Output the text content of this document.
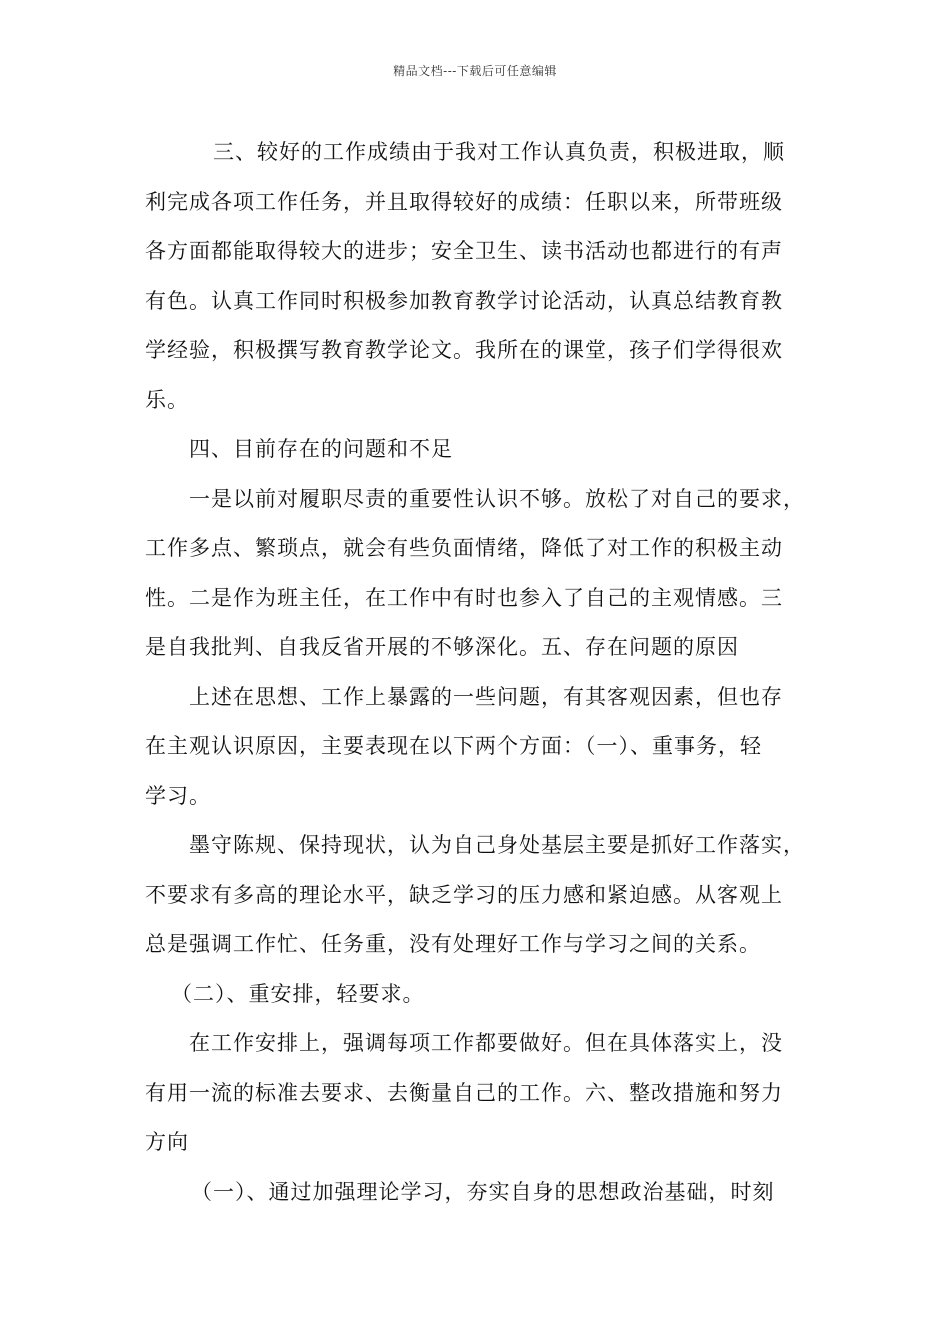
精品文档---下载后可任意编辑
三、较好的工作成绩由于我对工作认真负责，积极进取，顺
利完成各项工作任务，并且取得较好的成绩：任职以来，所带班级
各方面都能取得较大的进步；安全卫生、读书活动也都进行的有声
有色。认真工作同时积极参加教育教学讨论活动，认真总结教育教
学经验，积极撰写教育教学论文。我所在的课堂，孩子们学得很欢
乐。
四、目前存在的问题和不足
一是以前对履职尽责的重要性认识不够。放松了对自己的要求，
工作多点、繁琐点，就会有些负面情绪，降低了对工作的积极主动
性。二是作为班主任，在工作中有时也参入了自己的主观情感。三
是自我批判、自我反省开展的不够深化。五、存在问题的原因
上述在思想、工作上暴露的一些问题，有其客观因素，但也存
在主观认识原因，主要表现在以下两个方面：（一）、重事务，轻
学习。
墨守陈规、保持现状，认为自己身处基层主要是抓好工作落实，
不要求有多高的理论水平，缺乏学习的压力感和紧迫感。从客观上
总是强调工作忙、任务重，没有处理好工作与学习之间的关系。
（二）、重安排，轻要求。
在工作安排上，强调每项工作都要做好。但在具体落实上，没
有用一流的标准去要求、去衡量自己的工作。六、整改措施和努力
方向
（一）、通过加强理论学习，夯实自身的思想政治基础，时刻
